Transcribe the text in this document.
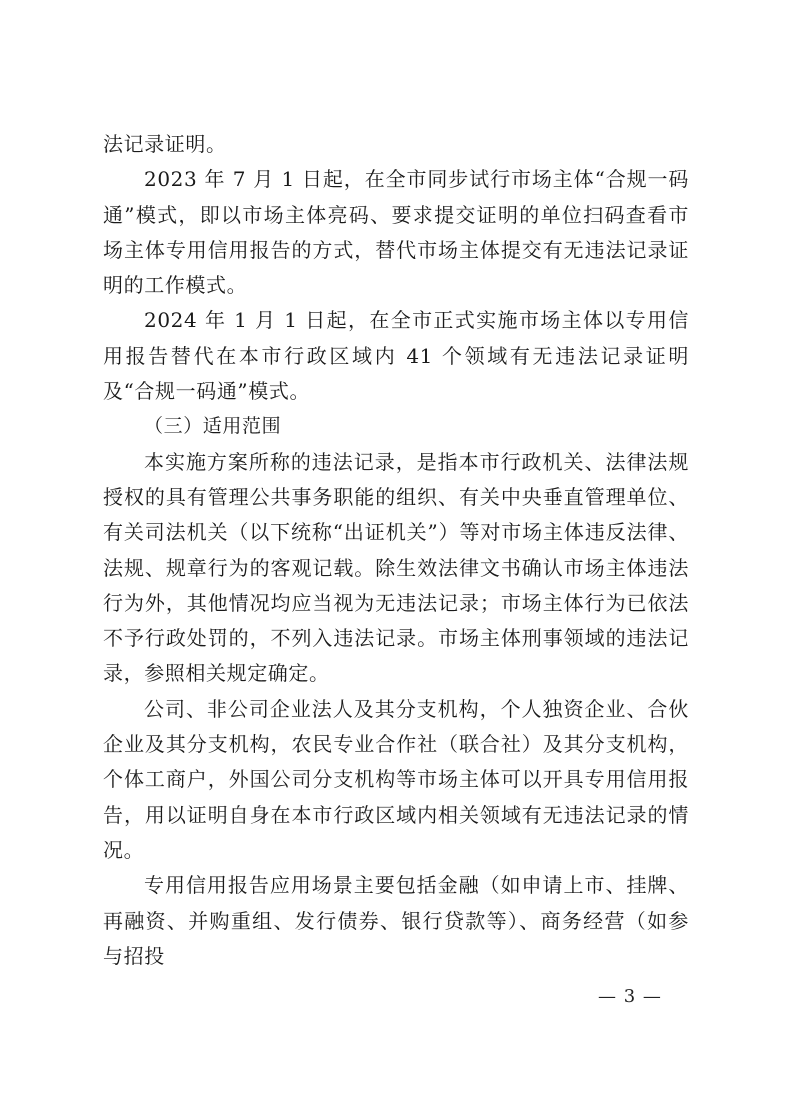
法记录证明。

2023 年 7 月 1 日起，在全市同步试行市场主体“合规一码通”模式，即以市场主体亮码、要求提交证明的单位扫码查看市场主体专用信用报告的方式，替代市场主体提交有无违法记录证明的工作模式。

2024 年 1 月 1 日起，在全市正式实施市场主体以专用信用报告替代在本市行政区域内 41 个领域有无违法记录证明及“合规一码通”模式。

（三）适用范围

本实施方案所称的违法记录，是指本市行政机关、法律法规授权的具有管理公共事务职能的组织、有关中央垂直管理单位、有关司法机关（以下统称“出证机关”）等对市场主体违反法律、法规、规章行为的客观记载。除生效法律文书确认市场主体违法行为外，其他情况均应当视为无违法记录；市场主体行为已依法不予行政处罚的，不列入违法记录。市场主体刑事领域的违法记录，参照相关规定确定。

公司、非公司企业法人及其分支机构，个人独资企业、合伙企业及其分支机构，农民专业合作社（联合社）及其分支机构，个体工商户，外国公司分支机构等市场主体可以开具专用信用报告，用以证明自身在本市行政区域内相关领域有无违法记录的情况。

专用信用报告应用场景主要包括金融（如申请上市、挂牌、再融资、并购重组、发行债券、银行贷款等）、商务经营（如参与招投

— 3 —
